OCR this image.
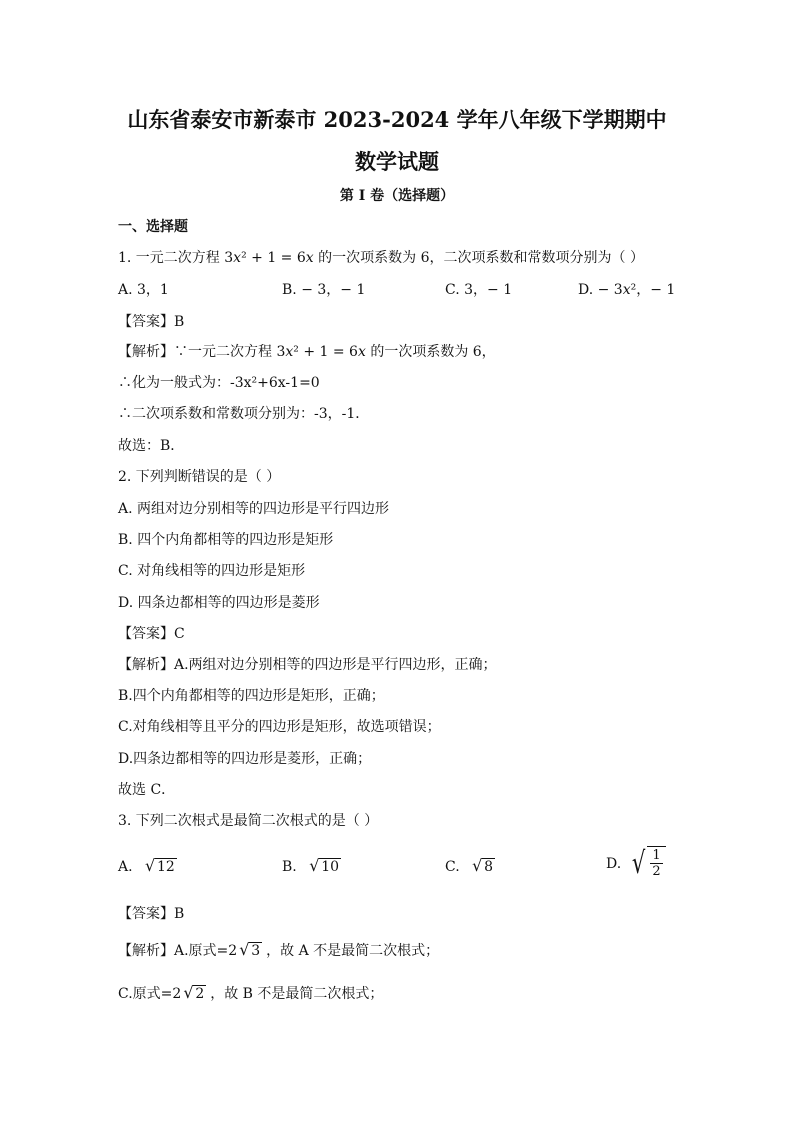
山东省泰安市新泰市 2023-2024 学年八年级下学期期中
数学试题
第 I 卷（选择题）
一、选择题
1. 一元二次方程 3x² + 1 = 6x 的一次项系数为 6，二次项系数和常数项分别为（ ）
A. 3，1	B. − 3，− 1	C. 3，− 1	D. − 3x²，− 1
【答案】B
【解析】∵一元二次方程 3x² + 1 = 6x 的一次项系数为 6，
∴化为一般式为：-3x²+6x-1=0
∴二次项系数和常数项分别为：-3，-1．
故选：B．
2. 下列判断错误的是（ ）
A. 两组对边分别相等的四边形是平行四边形
B. 四个内角都相等的四边形是矩形
C. 对角线相等的四边形是矩形
D. 四条边都相等的四边形是菱形
【答案】C
【解析】A.两组对边分别相等的四边形是平行四边形，正确；
B.四个内角都相等的四边形是矩形，正确；
C.对角线相等且平分的四边形是矩形，故选项错误；
D.四条边都相等的四边形是菱形，正确；
故选 C．
3. 下列二次根式是最简二次根式的是（ ）
A. √ 12	B. √ 10	C. √ 8	D. √ $\frac{1}{2}$
【答案】B
【解析】A.原式=2 √ 3 ，故 A 不是最简二次根式；
C.原式=2 √ 2 ，故 B 不是最简二次根式；
